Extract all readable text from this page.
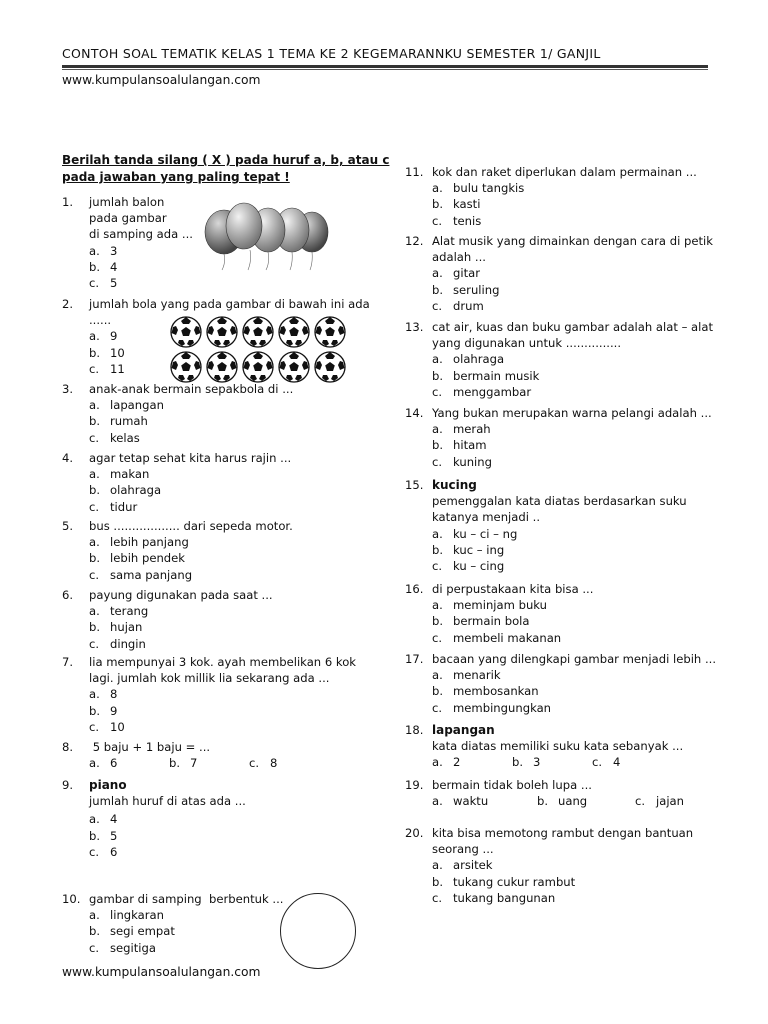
CONTOH SOAL TEMATIK KELAS 1 TEMA KE 2 KEGEMARANNKU SEMESTER 1/ GANJIL
www.kumpulansoalulangan.com
Berilah tanda silang ( X ) pada huruf a, b, atau c pada jawaban yang paling tepat !
1. jumlah balon
pada gambar
di samping ada ...
a. 3
b. 4
c. 5
2. jumlah bola yang pada gambar di bawah ini ada
......
a. 9
b. 10
c. 11
3. anak-anak bermain sepakbola di ...
a. lapangan
b. rumah
c. kelas
4. agar tetap sehat kita harus rajin ...
a. makan
b. olahraga
c. tidur
5. bus .................. dari sepeda motor.
a. lebih panjang
b. lebih pendek
c. sama panjang
6. payung digunakan pada saat ...
a. terang
b. hujan
c. dingin
7. lia mempunyai 3 kok. ayah membelikan 6 kok
lagi. jumlah kok millik lia sekarang ada ...
a. 8
b. 9
c. 10
8. 5 baju + 1 baju = ...
a. 6	b. 7	c. 8
9. piano
jumlah huruf di atas ada ...
a. 4
b. 5
c. 6
10. gambar di samping  berbentuk ...
a. lingkaran
b. segi empat
c. segitiga
11. kok dan raket diperlukan dalam permainan ...
a. bulu tangkis
b. kasti
c. tenis
12. Alat musik yang dimainkan dengan cara di petik
adalah ...
a. gitar
b. seruling
c. drum
13. cat air, kuas dan buku gambar adalah alat – alat
yang digunakan untuk ...............
a. olahraga
b. bermain musik
c. menggambar
14. Yang bukan merupakan warna pelangi adalah ...
a. merah
b. hitam
c. kuning
15. kucing
pemenggalan kata diatas berdasarkan suku
katanya menjadi ..
a. ku – ci – ng
b. kuc – ing
c. ku – cing
16. di perpustakaan kita bisa ...
a. meminjam buku
b. bermain bola
c. membeli makanan
17. bacaan yang dilengkapi gambar menjadi lebih ...
a. menarik
b. membosankan
c. membingungkan
18. lapangan
kata diatas memiliki suku kata sebanyak ...
a. 2	b. 3	c. 4
19. bermain tidak boleh lupa ...
a. waktu	b. uang	c. jajan
20. kita bisa memotong rambut dengan bantuan
seorang ...
a. arsitek
b. tukang cukur rambut
c. tukang bangunan
www.kumpulansoalulangan.com
